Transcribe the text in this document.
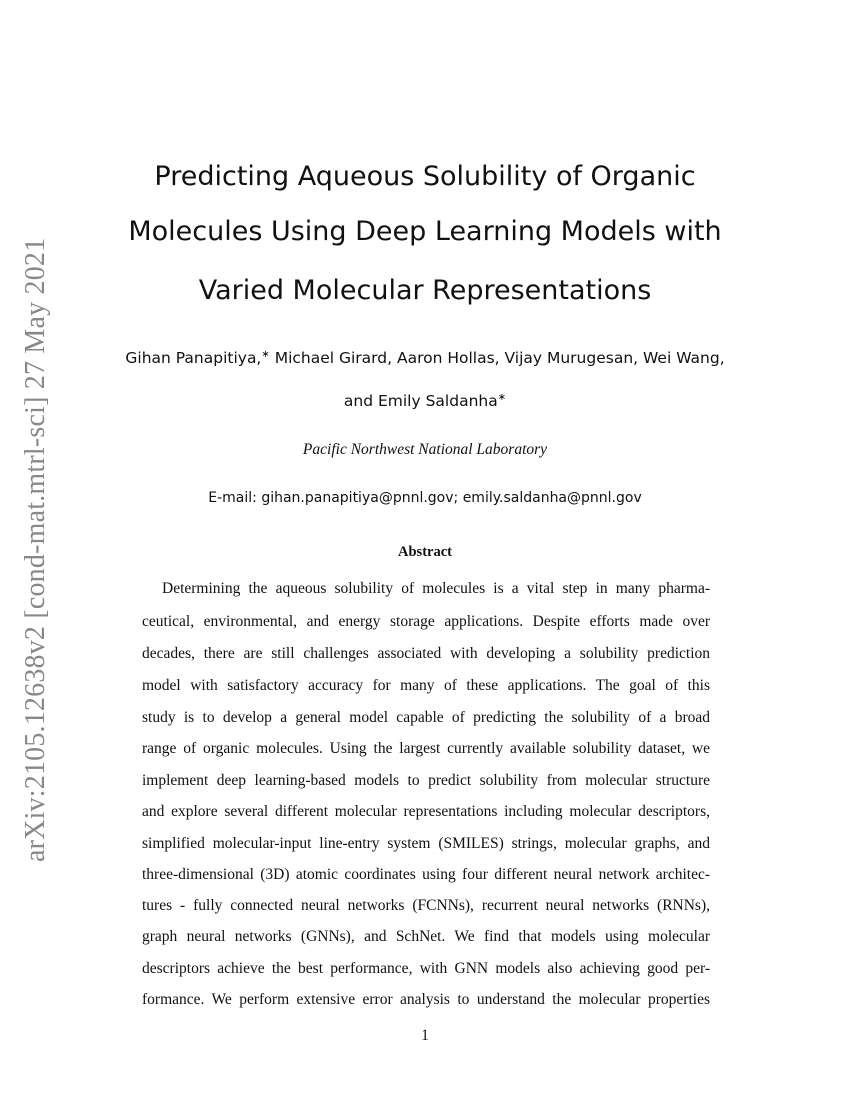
arXiv:2105.12638v2 [cond-mat.mtrl-sci] 27 May 2021
Predicting Aqueous Solubility of Organic
Molecules Using Deep Learning Models with
Varied Molecular Representations
Gihan Panapitiya,∗ Michael Girard, Aaron Hollas, Vijay Murugesan, Wei Wang,
and Emily Saldanha∗
Pacific Northwest National Laboratory
E-mail: gihan.panapitiya@pnnl.gov; emily.saldanha@pnnl.gov
Abstract
Determining the aqueous solubility of molecules is a vital step in many pharma-
ceutical, environmental, and energy storage applications. Despite efforts made over
decades, there are still challenges associated with developing a solubility prediction
model with satisfactory accuracy for many of these applications. The goal of this
study is to develop a general model capable of predicting the solubility of a broad
range of organic molecules. Using the largest currently available solubility dataset, we
implement deep learning-based models to predict solubility from molecular structure
and explore several different molecular representations including molecular descriptors,
simplified molecular-input line-entry system (SMILES) strings, molecular graphs, and
three-dimensional (3D) atomic coordinates using four different neural network architec-
tures - fully connected neural networks (FCNNs), recurrent neural networks (RNNs),
graph neural networks (GNNs), and SchNet. We find that models using molecular
descriptors achieve the best performance, with GNN models also achieving good per-
formance. We perform extensive error analysis to understand the molecular properties
1
